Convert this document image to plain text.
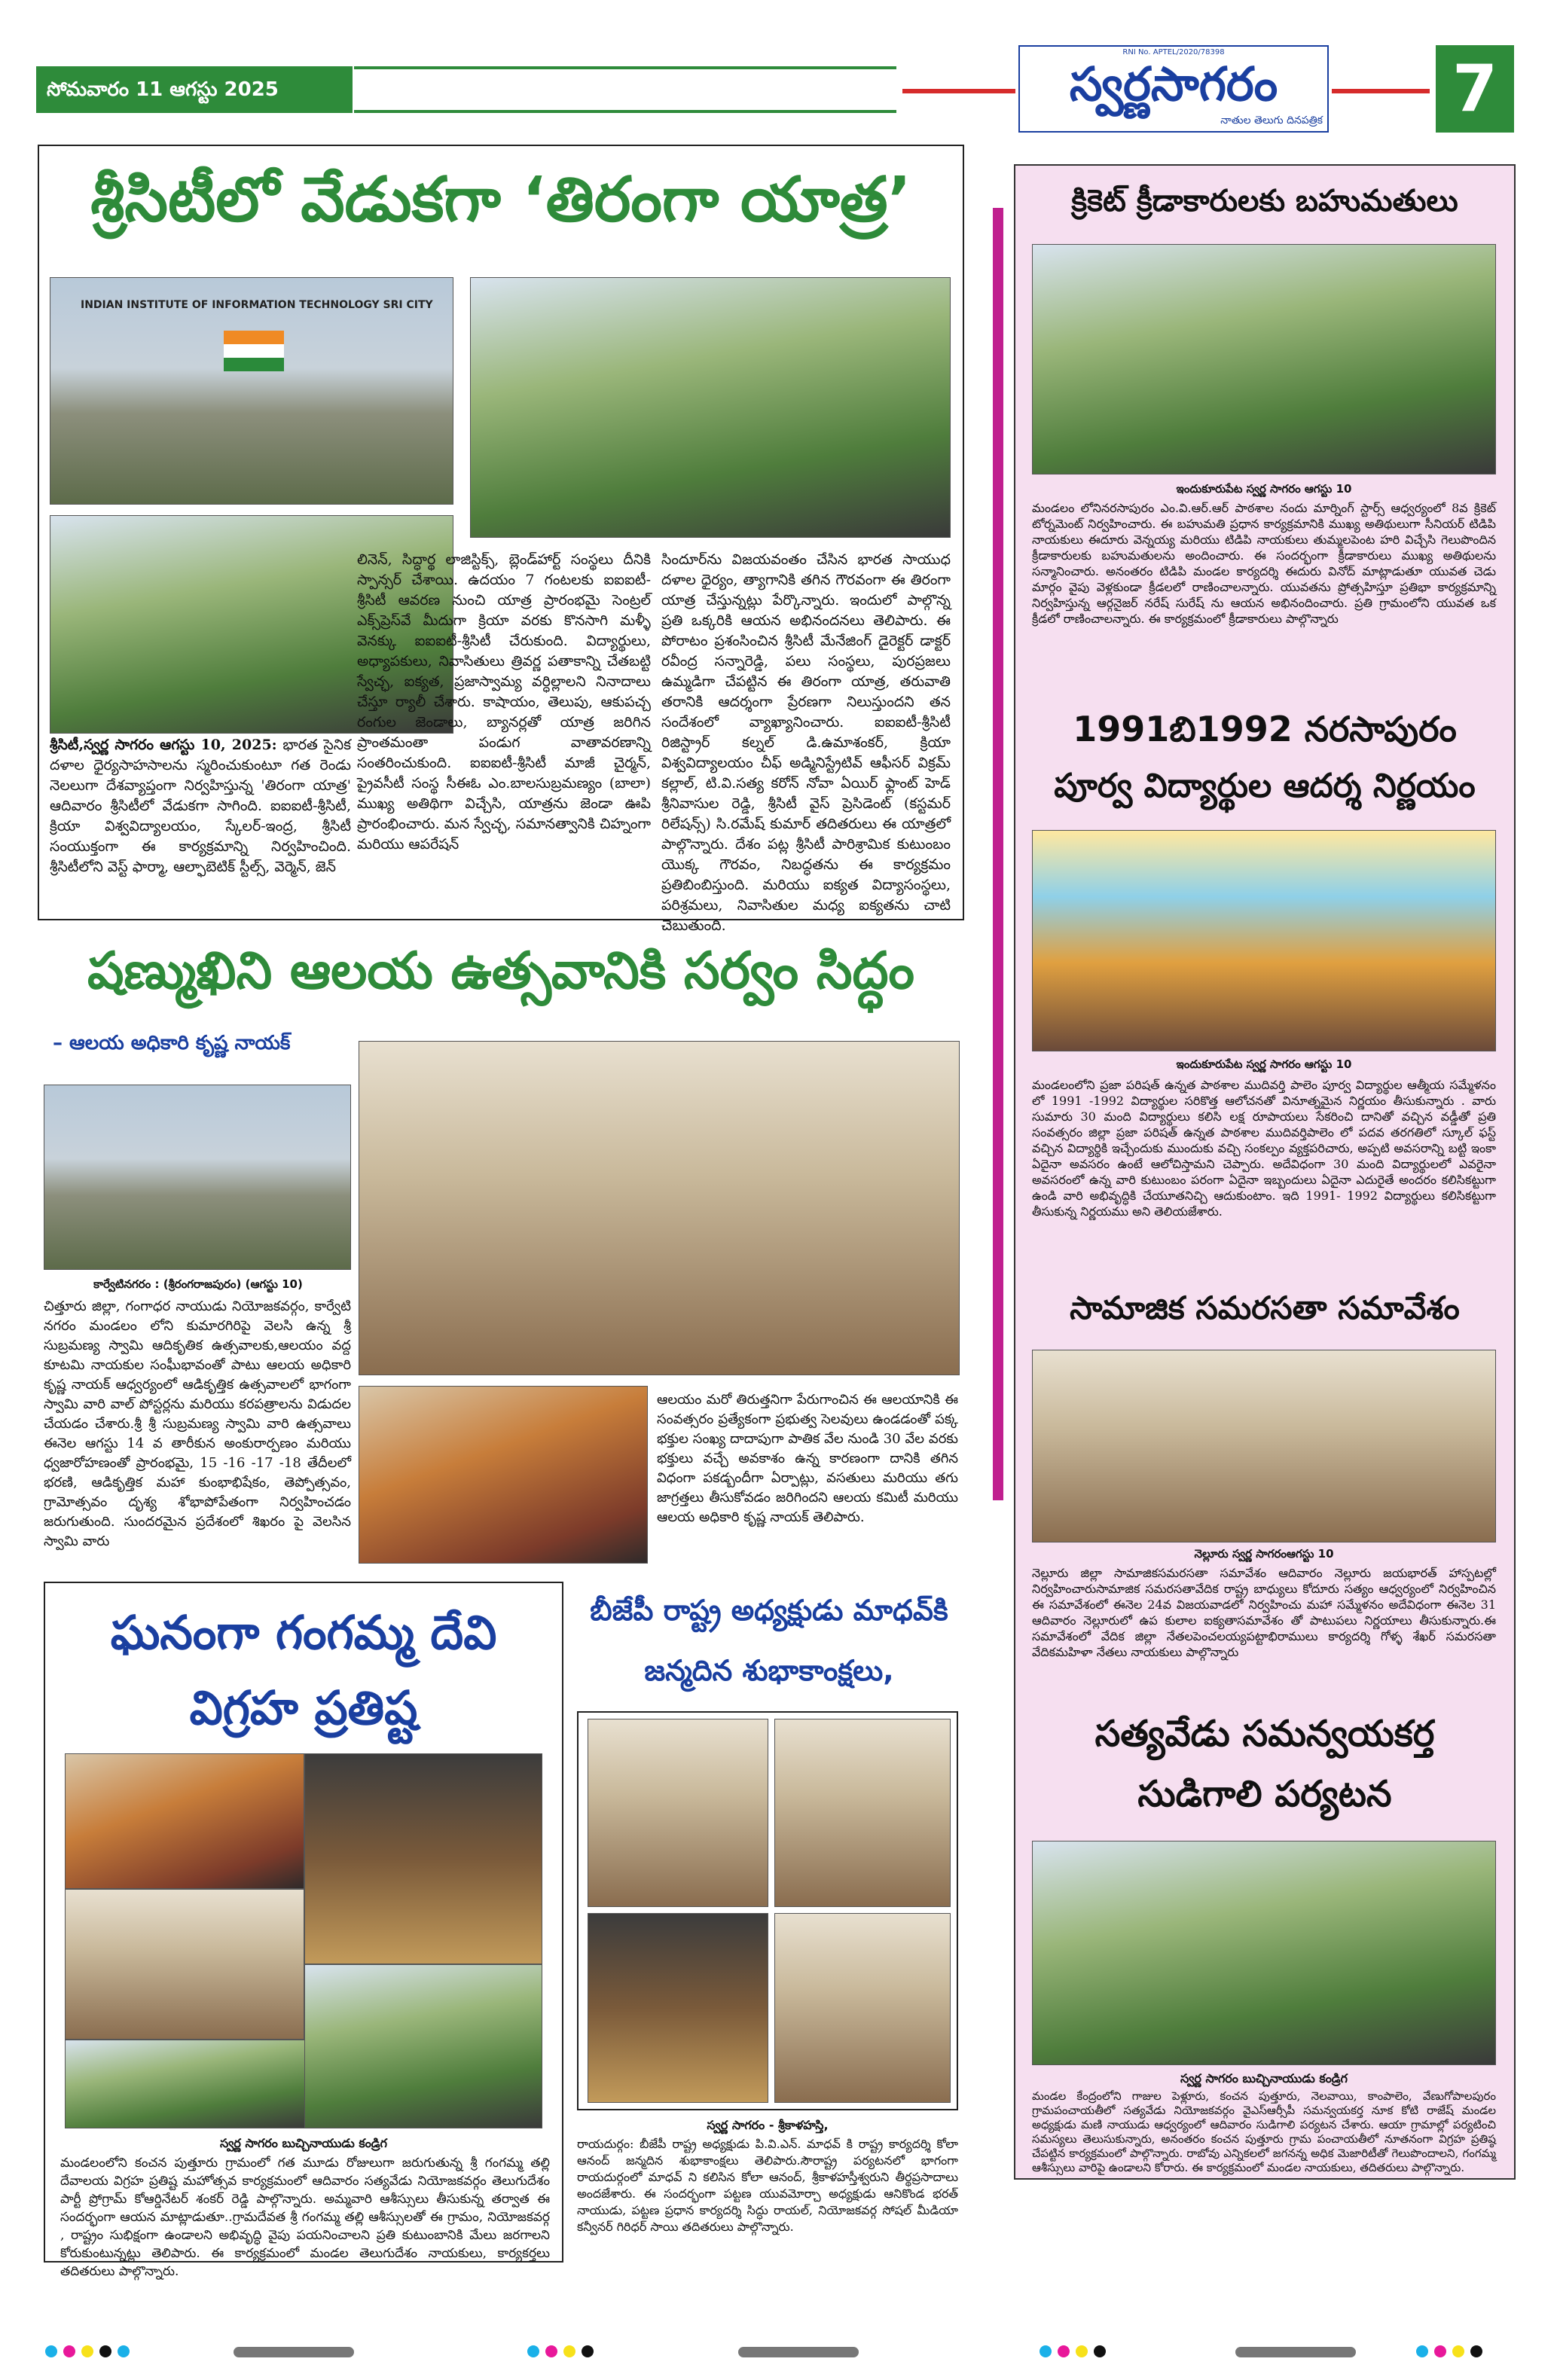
సోమవారం 11 ఆగస్టు 2025
RNI No. APTEL/2020/78398
స్వర్ణసాగరం
నాతుల తెలుగు దినపత్రిక 7
శ్రీసిటీలో వేడుకగా ‘తిరంగా యాత్ర’
INDIAN INSTITUTE OF INFORMATION TECHNOLOGY SRI CITY
శ్రీసిటీ,స్వర్ణ సాగరం ఆగస్టు 10, 2025: భారత సైనిక దళాల ధైర్యసాహసాలను స్మరించుకుంటూ గత రెండు నెలలుగా దేశవ్యాప్తంగా నిర్వహిస్తున్న 'తిరంగా యాత్ర' ఆదివారం శ్రీసిటీలో వేడుకగా సాగింది. ఐఐఐటీ-శ్రీసిటీ, క్రియా విశ్వవిద్యాలయం, స్కేలర్-ఇంద్ర, శ్రీసిటీ సంయుక్తంగా ఈ కార్యక్రమాన్ని నిర్వహించింది. శ్రీసిటీలోని వెస్ట్ ఫార్మా, ఆల్ఫాబెటిక్ స్టీల్స్, వెర్మెన్, జెన్
లినెన్, సిద్ధార్థ లాజిస్టిక్స్, బ్లెండ్‌హార్ట్ సంస్థలు దీనికి స్పాన్సర్ చేశాయి. ఉదయం 7 గంటలకు ఐఐఐటీ-శ్రీసిటీ ఆవరణ నుంచి యాత్ర ప్రారంభమై సెంట్రల్ ఎక్స్‌ప్రెస్‌వే మీదుగా క్రియా వరకు కొనసాగి మళ్ళీ వెనక్కు ఐఐఐటీ-శ్రీసిటీ చేరుకుంది. విద్యార్థులు, అధ్యాపకులు, నివాసితులు త్రివర్ణ పతాకాన్ని చేతబట్టి స్వేచ్ఛ, ఐక్యత, ప్రజాస్వామ్య వర్ధిల్లాలని నినాదాలు చేస్తూ ర్యాలీ చేశారు. కాషాయం, తెలుపు, ఆకుపచ్చ రంగుల జెండాలు, బ్యానర్లతో యాత్ర జరిగిన ప్రాంతమంతా పండుగ వాతావరణాన్ని సంతరించుకుంది. ఐఐఐటీ-శ్రీసిటీ మాజీ చైర్మన్, ప్రైవసీటీ సంస్థ సీఈఓ ఎం.బాలసుబ్రమణ్యం (బాలా) ముఖ్య అతిథిగా విచ్చేసి, యాత్రను జెండా ఊపి ప్రారంభించారు. మన స్వేచ్ఛ, సమానత్వానికి చిహ్నంగా మరియు ఆపరేషన్
సిందూర్‌ను విజయవంతం చేసిన భారత సాయుధ దళాల ధైర్యం, త్యాగానికి తగిన గౌరవంగా ఈ తిరంగా యాత్ర చేస్తున్నట్లు పేర్కొన్నారు. ఇందులో పాల్గొన్న ప్రతి ఒక్కరికి ఆయన అభినందనలు తెలిపారు. ఈ పోరాటం ప్రశంసించిన శ్రీసిటీ మేనేజింగ్ డైరెక్టర్ డాక్టర్ రవీంద్ర సన్నారెడ్డి, పలు సంస్థలు, పురప్రజలు ఉమ్మడిగా చేపట్టిన ఈ తిరంగా యాత్ర, తరువాతి తరానికి ఆదర్శంగా ప్రేరణగా నిలుస్తుందని తన సందేశంలో వ్యాఖ్యానించారు. ఐఐఐటీ-శ్రీసిటీ రిజిస్ట్రార్ కల్నల్ డి.ఉమాశంకర్, క్రియా విశ్వవిద్యాలయం చీఫ్ అడ్మినిస్ట్రేటివ్ ఆఫీసర్ విక్రమ్ కల్లాల్, టి.వి.సత్య కరోన్ నోవా ఏయిర్ ఫ్లాంట్ హెడ్ శ్రీనివాసుల రెడ్డి, శ్రీసిటీ వైస్ ప్రెసిడెంట్ (కస్టమర్ రిలేషన్స్) సి.రమేష్ కుమార్ తదితరులు ఈ యాత్రలో పాల్గొన్నారు. దేశం పట్ల శ్రీసిటీ పారిశ్రామిక కుటుంబం యొక్క గౌరవం, నిబద్ధతను ఈ కార్యక్రమం ప్రతిబింబిస్తుంది. మరియు ఐక్యత విద్యాసంస్థలు, పరిశ్రమలు, నివాసితుల మధ్య ఐక్యతను చాటి చెబుతుంది.
షణ్ముఖిని ఆలయ ఉత్సవానికి సర్వం సిద్ధం
– ఆలయ అధికారి కృష్ణ నాయక్
కార్వేటినగరం : (శ్రీరంగరాజపురం) (ఆగస్టు 10)
చిత్తూరు జిల్లా, గంగాధర నాయుడు నియోజకవర్గం, కార్వేటి నగరం మండలం లోని కుమారగిరిపై వెలసి ఉన్న శ్రీ సుబ్రమణ్య స్వామి ఆదికృతిక ఉత్సవాలకు,ఆలయం వద్ద కూటమి నాయకుల సంఘీభావంతో పాటు ఆలయ అధికారి కృష్ణ నాయక్ ఆధ్వర్యంలో ఆడికృత్తిక ఉత్సవాలలో భాగంగా స్వామి వారి వాల్ పోస్టర్లను మరియు కరపత్రాలను విడుదల చేయడం చేశారు.శ్రీ శ్రీ సుబ్రమణ్య స్వామి వారి ఉత్సవాలు ఈనెల ఆగస్టు 14 వ తారీకున అంకురార్పణం మరియు ధ్వజారోహణంతో ప్రారంభమై, 15 -16 -17 -18 తేదీలలో భరణి, ఆడికృత్తిక మహా కుంభాభిషేకం, తెప్పోత్సవం, గ్రామోత్సవం దృశ్య శోభాపోపేతంగా నిర్వహించడం జరుగుతుంది. సుందరమైన ప్రదేశంలో శిఖరం పై వెలసిన స్వామి వారు
ఆలయం మరో తిరుత్తనిగా పేరుగాంచిన ఈ ఆలయానికి ఈ సంవత్సరం ప్రత్యేకంగా ప్రభుత్వ సెలవులు ఉండడంతో పక్క భక్తుల సంఖ్య దాదాపుగా పాతిక వేల నుండి 30 వేల వరకు భక్తులు వచ్చే అవకాశం ఉన్న కారణంగా దానికి తగిన విధంగా పకడ్బందీగా ఏర్పాట్లు, వసతులు మరియు తగు జాగ్రత్తలు తీసుకోవడం జరిగిందని ఆలయ కమిటీ మరియు ఆలయ అధికారి కృష్ణ నాయక్ తెలిపారు.
ఘనంగా గంగమ్మ దేవి
విగ్రహ ప్రతిష్ట
స్వర్ణ సాగరం బుచ్చినాయుడు కండ్రిగ
మండలంలోని కంచన పుత్తూరు గ్రామంలో గత మూడు రోజులుగా జరుగుతున్న శ్రీ గంగమ్మ తల్లి దేవాలయ విగ్రహ ప్రతిష్ట మహోత్సవ కార్యక్రమంలో ఆదివారం సత్యవేడు నియోజకవర్గం తెలుగుదేశం పార్టీ ప్రోగ్రామ్ కోఆర్డినేటర్ శంకర్ రెడ్డి పాల్గొన్నారు. అమ్మవారి ఆశీస్సులు తీసుకున్న తర్వాత ఈ సందర్భంగా ఆయన మాట్లాడుతూ..గ్రామదేవత శ్రీ గంగమ్మ తల్లి ఆశీస్సులతో ఈ గ్రామం, నియోజకవర్గ , రాష్ట్రం సుభిక్షంగా ఉండాలని అభివృద్ధి వైపు పయనించాలని ప్రతి కుటుంబానికి మేలు జరగాలని కోరుకుంటున్నట్లు తెలిపారు. ఈ కార్యక్రమంలో మండల తెలుగుదేశం నాయకులు, కార్యకర్తలు తదితరులు పాల్గొన్నారు.
బీజేపీ రాష్ట్ర అధ్యక్షుడు మాధవ్‌కి
జన్మదిన శుభాకాంక్షలు,
స్వర్ణ సాగరం - శ్రీకాళహస్తి,
రాయదుర్గం: బీజేపీ రాష్ట్ర అధ్యక్షుడు పి.వి.ఎన్. మాధవ్ కి రాష్ట్ర కార్యదర్శి కోలా ఆనంద్ జన్మదిన శుభాకాంక్షలు తెలిపారు.సౌరాష్ట్ర పర్యటనలో భాగంగా రాయదుర్గంలో మాధవ్ ని కలిసిన కోలా ఆనంద్, శ్రీకాళహస్తీశ్వరుని తీర్థప్రసాదాలు అందజేశారు. ఈ సందర్భంగా పట్టణ యువమోర్చా అధ్యక్షుడు ఆనికొండ భరత్ నాయుడు, పట్టణ ప్రధాన కార్యదర్శి సిద్ధు రాయల్, నియోజకవర్గ సోషల్ మీడియా కన్వీనర్ గిరిధర్ సాయి తదితరులు పాల్గొన్నారు.
క్రికెట్ క్రీడాకారులకు బహుమతులు
ఇందుకూరుపేట స్వర్ణ సాగరం ఆగస్టు 10
మండలం లోనినరసాపురం ఎం.వి.ఆర్.ఆర్ పాఠశాల నందు మార్నింగ్ స్టార్స్ ఆధ్వర్యంలో 8వ క్రికెట్ టోర్నమెంట్ నిర్వహించారు. ఈ బహుమతి ప్రధాన కార్యక్రమానికి ముఖ్య అతిథులుగా సీనియర్ టిడిపి నాయకులు ఈదూరు వెన్నయ్య మరియు టిడిపి నాయకులు తుమ్మలపెంట హరి విచ్చేసి గెలుపొందిన క్రీడాకారులకు బహుమతులను అందించారు. ఈ సందర్భంగా క్రీడాకారులు ముఖ్య అతిథులను సన్మానించారు. అనంతరం టిడిపి మండల కార్యదర్శి ఈదురు వినోద్ మాట్లాడుతూ యువత చెడు మార్గం వైపు వెళ్లకుండా క్రీడలలో రాణించాలన్నారు. యువతను ప్రోత్సహిస్తూ ప్రతిభా కార్యక్రమాన్ని నిర్వహిస్తున్న ఆర్గనైజర్ నరేష్ సురేష్ ను ఆయన అభినందించారు. ప్రతి గ్రామంలోని యువత ఒక క్రీడలో రాణించాలన్నారు. ఈ కార్యక్రమంలో క్రీడాకారులు పాల్గొన్నారు
1991బి1992 నరసాపురం
పూర్వ విద్యార్థుల ఆదర్శ నిర్ణయం
ఇందుకూరుపేట స్వర్ణ సాగరం ఆగస్టు 10
మండలంలోని ప్రజా పరిషత్ ఉన్నత పాఠశాల ముదివర్తి పాలెం పూర్వ విద్యార్థుల ఆత్మీయ సమ్మేళనం లో 1991 -1992 విద్యార్థుల సరికొత్త ఆలోచనతో వినూత్నమైన నిర్ణయం తీసుకున్నారు . వారు సుమారు 30 మంది విద్యార్థులు కలిసి లక్ష రూపాయలు సేకరించి దానితో వచ్చిన వడ్డీతో ప్రతి సంవత్సరం జిల్లా ప్రజా పరిషత్ ఉన్నత పాఠశాల ముదివర్తిపాలెం లో పదవ తరగతిలో స్కూల్ ఫస్ట్ వచ్చిన విద్యార్థికి ఇచ్చేందుకు ముందుకు వచ్చి సంకల్పం వ్యక్తపరిచారు, అప్పటి అవసరాన్ని బట్టి ఇంకా ఏదైనా అవసరం ఉంటే ఆలోచిస్తామని చెప్పారు. అదేవిధంగా 30 మంది విద్యార్థులలో ఎవరైనా అవసరంలో ఉన్న వారి కుటుంబం పరంగా ఏదైనా ఇబ్బందులు ఏదైనా ఎదురైతే అందరం కలిసికట్టుగా ఉండి వారి అభివృద్ధికి చేయూతనిచ్చి ఆదుకుంటాం. ఇది 1991- 1992 విద్యార్థులు కలిసికట్టుగా తీసుకున్న నిర్ణయము అని తెలియజేశారు.
సామాజిక సమరసతా సమావేశం
నెల్లూరు స్వర్ణ సాగరంఆగస్టు 10
నెల్లూరు జిల్లా సామాజికసమరసతా సమావేశం ఆదివారం నెల్లూరు జయభారత్ హాస్పటల్లో నిర్వహించారుసామాజిక సమరసతావేదిక రాష్ట్ర బాధ్యులు కోదూరు సత్యం ఆధ్వర్యంలో నిర్వహించిన ఈ సమావేశంలో ఈనెల 24వ విజయవాడలో నిర్వహించు మహా సమ్మేళనం అదేవిధంగా ఈనెల 31 ఆదివారం నెల్లూరులో ఉప కులాల ఐక్యతాసమావేశం తో పాటుపలు నిర్ణయాలు తీసుకున్నారు.ఈ సమావేశంలో వేదిక జిల్లా నేతలపెంచలయ్యపట్టాభిరాములు కార్యదర్శి గోళ్ళ శేఖర్ సమరసతా వేదికమహిళా నేతలు నాయకులు పాల్గొన్నారు
సత్యవేడు సమన్వయకర్త
సుడిగాలి పర్యటన
స్వర్ణ సాగరం బుచ్చినాయుడు కండ్రిగ
మండల కేంద్రంలోని గాజుల పెళ్లూరు, కంచన పుత్తూరు, నెలవాయి, కాంపాలెం, వేణుగోపాలపురం గ్రామపంచాయతీలో సత్యవేడు నియోజకవర్గం వైఎస్ఆర్సీపీ సమన్వయకర్త నూక కోటి రాజేష్ మండల అధ్యక్షుడు మణి నాయుడు ఆధ్వర్యంలో ఆదివారం సుడిగాలి పర్యటన చేశారు. ఆయా గ్రామాల్లో పర్యటించి సమస్యలు తెలుసుకున్నారు, అనంతరం కంచన పుత్తూరు గ్రామ పంచాయతీలో నూతనంగా విగ్రహ ప్రతిష్ఠ చేపట్టిన కార్యక్రమంలో పాల్గొన్నారు. రాబోవు ఎన్నికలలో జగనన్న అధిక మెజారిటీతో గెలుపొందాలని, గంగమ్మ ఆశీస్సులు వారిపై ఉండాలని కోరారు. ఈ కార్యక్రమంలో మండల నాయకులు, తదితరులు పాల్గొన్నారు.
